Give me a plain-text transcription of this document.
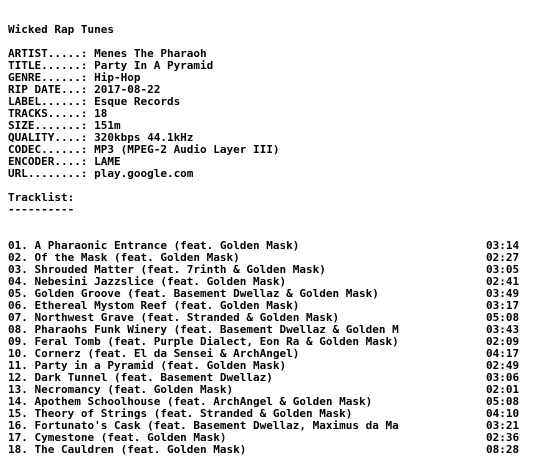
Wicked Rap Tunes
ARTIST.....: Menes The Pharaoh
TITLE......: Party In A Pyramid
GENRE......: Hip-Hop
RIP DATE...: 2017-08-22
LABEL......: Esque Records
TRACKS.....: 18
SIZE.......: 151m
QUALITY....: 320kbps 44.1kHz
CODEC......: MP3 (MPEG-2 Audio Layer III)
ENCODER....: LAME
URL........: play.google.com
Tracklist:
----------
01. A Pharaonic Entrance (feat. Golden Mask)	03:14
02. Of the Mask (feat. Golden Mask)	02:27
03. Shrouded Matter (feat. 7rinth & Golden Mask)	03:05
04. Nebesini Jazzslice (feat. Golden Mask)	02:41
05. Golden Groove (feat. Basement Dwellaz & Golden Mask)	03:49
06. Ethereal Mystom Reef (feat. Golden Mask)	03:17
07. Northwest Grave (feat. Stranded & Golden Mask)	05:08
08. Pharaohs Funk Winery (feat. Basement Dwellaz & Golden M	03:43
09. Feral Tomb (feat. Purple Dialect, Eon Ra & Golden Mask)	02:09
10. Cornerz (feat. El da Sensei & ArchAngel)	04:17
11. Party in a Pyramid (feat. Golden Mask)	02:49
12. Dark Tunnel (feat. Basement Dwellaz)	03:06
13. Necromancy (feat. Golden Mask)	02:01
14. Apothem Schoolhouse (feat. ArchAngel & Golden Mask)	05:08
15. Theory of Strings (feat. Stranded & Golden Mask)	04:10
16. Fortunato's Cask (feat. Basement Dwellaz, Maximus da Ma	03:21
17. Cymestone (feat. Golden Mask)	02:36
18. The Cauldren (feat. Golden Mask)	08:28
